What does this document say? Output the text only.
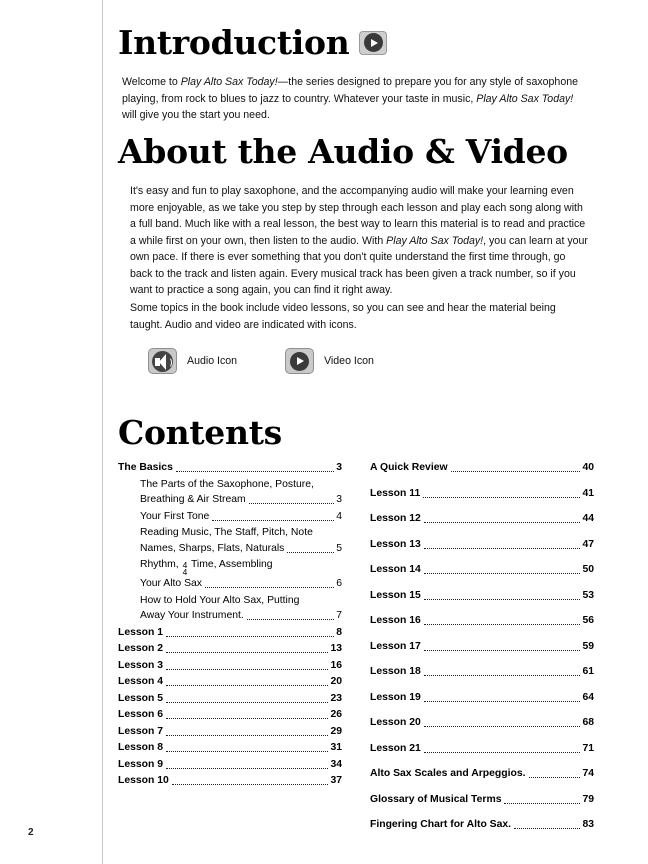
Introduction

Welcome to Play Alto Sax Today!—the series designed to prepare you for any style of saxophone playing, from rock to blues to jazz to country. Whatever your taste in music, Play Alto Sax Today! will give you the start you need.

About the Audio & Video

It's easy and fun to play saxophone, and the accompanying audio will make your learning even more enjoyable, as we take you step by step through each lesson and play each song along with a full band. Much like with a real lesson, the best way to learn this material is to read and practice a while first on your own, then listen to the audio. With Play Alto Sax Today!, you can learn at your own pace. If there is ever something that you don't quite understand the first time through, go back to the track and listen again. Every musical track has been given a track number, so if you want to practice a song again, you can find it right away.

Some topics in the book include video lessons, so you can see and hear the material being taught. Audio and video are indicated with icons.

Audio Icon	Video Icon
Contents
The Basics	3
The Parts of the Saxophone, Posture,
Breathing & Air Stream	3
Your First Tone	4
Reading Music, The Staff, Pitch, Note
Names, Sharps, Flats, Naturals	5
Rhythm, 4
4
Time, Assembling
Your Alto Sax	6
How to Hold Your Alto Sax, Putting
Away Your Instrument.	7
Lesson 1	8
Lesson 2	13
Lesson 3	16
Lesson 4	20
Lesson 5	23
Lesson 6	26
Lesson 7	29
Lesson 8	31
Lesson 9	34
Lesson 10	37
A Quick Review	40
Lesson 11	41
Lesson 12	44
Lesson 13	47
Lesson 14	50
Lesson 15	53
Lesson 16	56
Lesson 17	59
Lesson 18	61
Lesson 19	64
Lesson 20	68
Lesson 21	71
Alto Sax Scales and Arpeggios.	74
Glossary of Musical Terms	79
Fingering Chart for Alto Sax.	83
2
